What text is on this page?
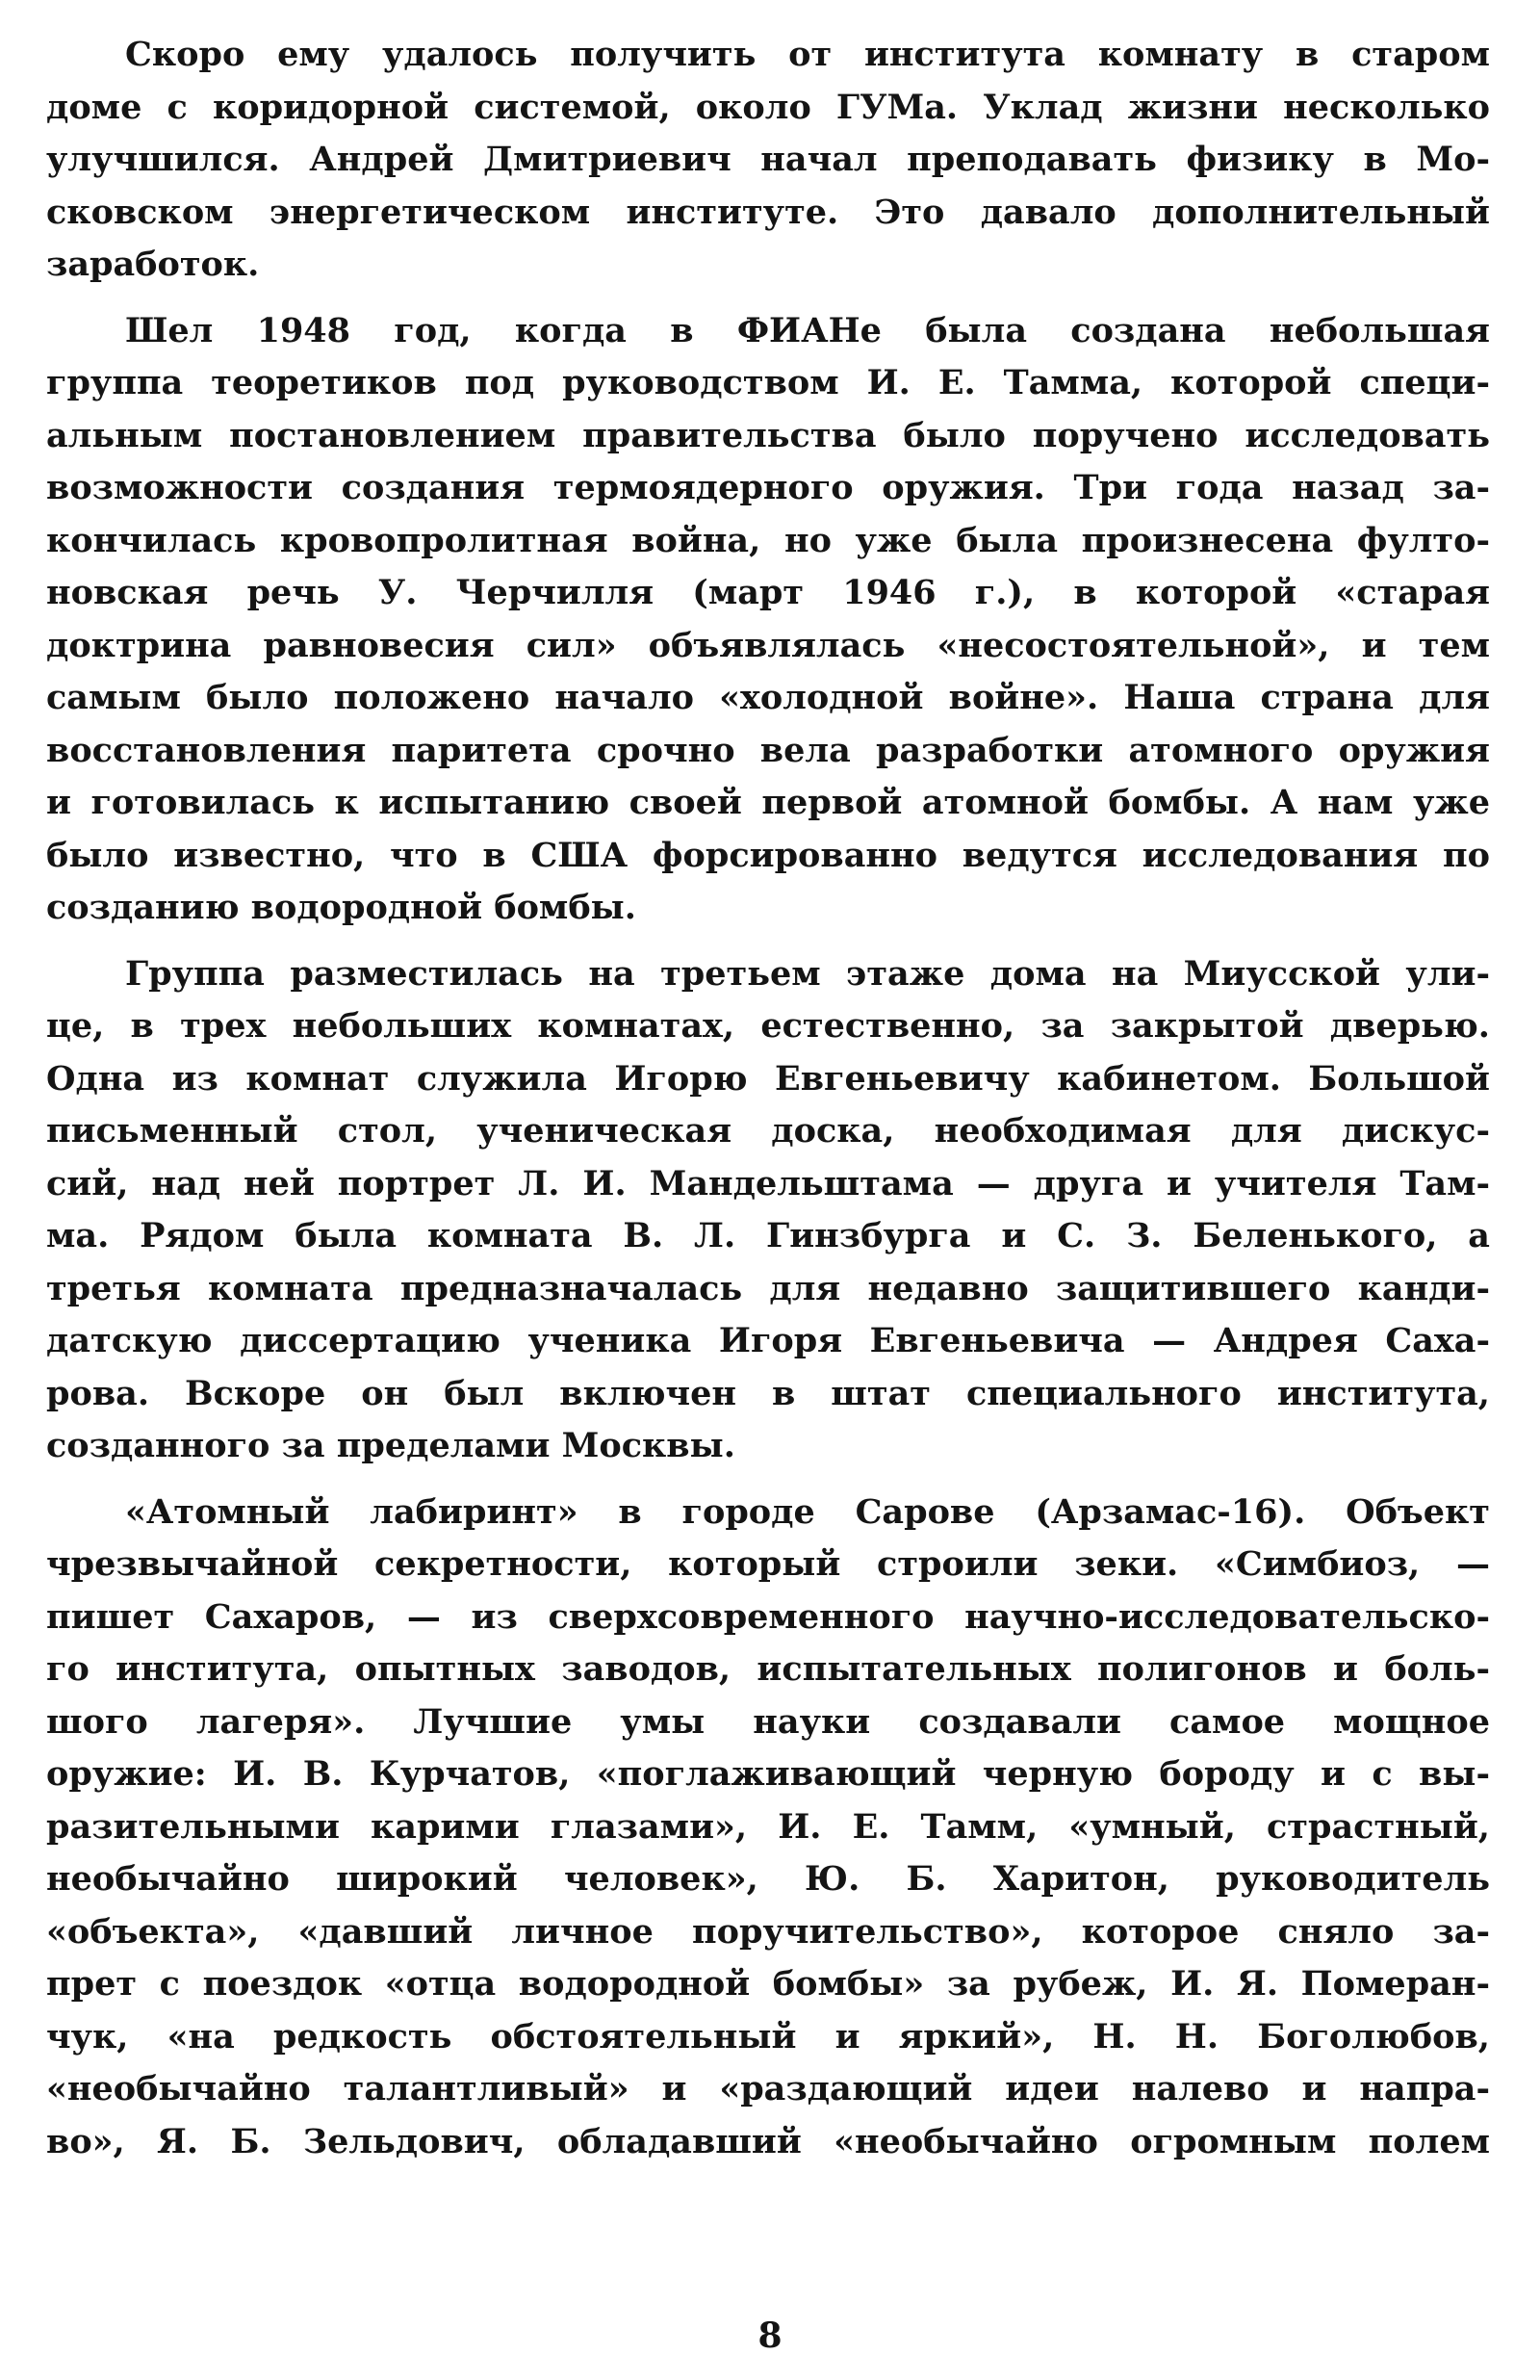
Скоро ему удалось получить от института комнату в старом
доме с коридорной системой, около ГУМа. Уклад жизни несколько
улучшился. Андрей Дмитриевич начал преподавать физику в Мо-
сковском энергетическом институте. Это давало дополнительный
заработок.
Шел 1948 год, когда в ФИАНе была создана небольшая
группа теоретиков под руководством И. Е. Тамма, которой специ-
альным постановлением правительства было поручено исследовать
возможности создания термоядерного оружия. Три года назад за-
кончилась кровопролитная война, но уже была произнесена фулто-
новская речь У. Черчилля (март 1946 г.), в которой «старая
доктрина равновесия сил» объявлялась «несостоятельной», и тем
самым было положено начало «холодной войне». Наша страна для
восстановления паритета срочно вела разработки атомного оружия
и готовилась к испытанию своей первой атомной бомбы. А нам уже
было известно, что в США форсированно ведутся исследования по
созданию водородной бомбы.
Группа разместилась на третьем этаже дома на Миусской ули-
це, в трех небольших комнатах, естественно, за закрытой дверью.
Одна из комнат служила Игорю Евгеньевичу кабинетом. Большой
письменный стол, ученическая доска, необходимая для дискус-
сий, над ней портрет Л. И. Мандельштама — друга и учителя Там-
ма. Рядом была комната В. Л. Гинзбурга и С. З. Беленького, а
третья комната предназначалась для недавно защитившего канди-
датскую диссертацию ученика Игоря Евгеньевича — Андрея Саха-
рова. Вскоре он был включен в штат специального института,
созданного за пределами Москвы.
«Атомный лабиринт» в городе Сарове (Арзамас-16). Объект
чрезвычайной секретности, который строили зеки. «Симбиоз, —
пишет Сахаров, — из сверхсовременного научно-исследовательско-
го института, опытных заводов, испытательных полигонов и боль-
шого лагеря». Лучшие умы науки создавали самое мощное
оружие: И. В. Курчатов, «поглаживающий черную бороду и с вы-
разительными карими глазами», И. Е. Тамм, «умный, страстный,
необычайно широкий человек», Ю. Б. Харитон, руководитель
«объекта», «давший личное поручительство», которое сняло за-
прет с поездок «отца водородной бомбы» за рубеж, И. Я. Померан-
чук, «на редкость обстоятельный и яркий», Н. Н. Боголюбов,
«необычайно талантливый» и «раздающий идеи налево и напра-
во», Я. Б. Зельдович, обладавший «необычайно огромным полем
8
